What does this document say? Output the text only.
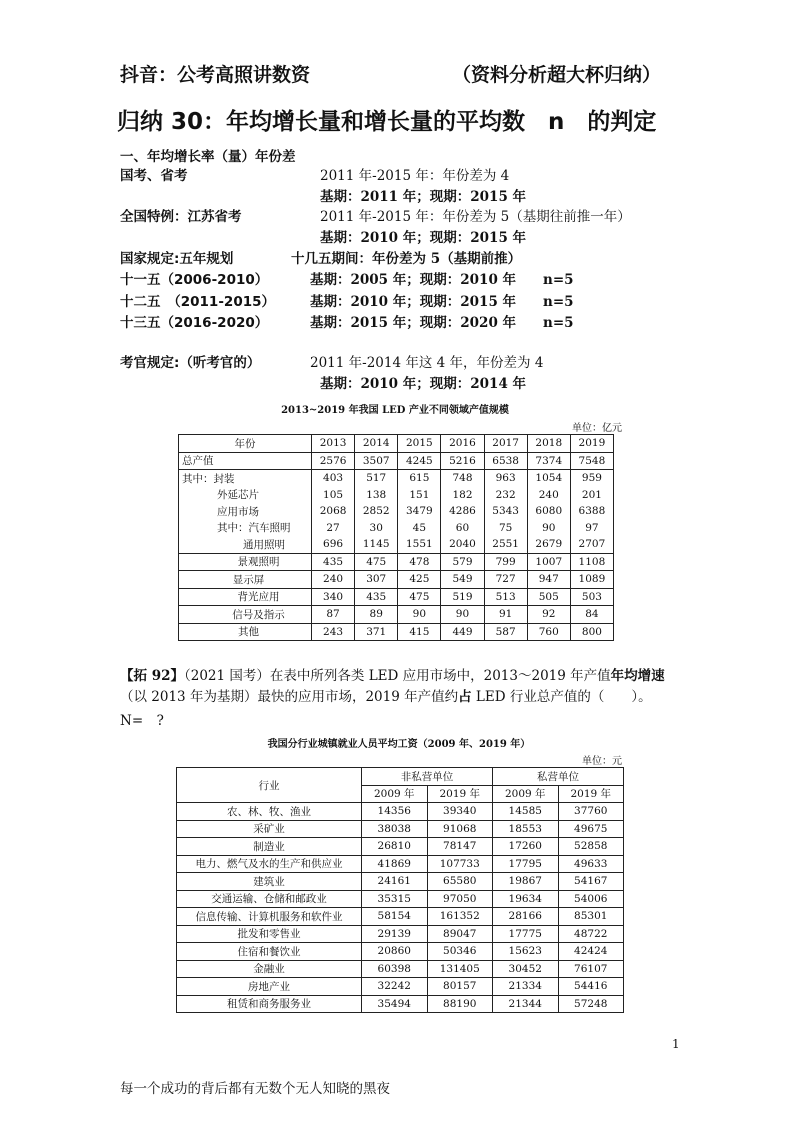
抖音：公考高照讲数资	（资料分析超大杯归纳）
归纳 30：年均增长量和增长量的平均数　n　的判定
一、年均增长率（量）年份差
国考、省考	2011 年-2015 年：年份差为 4
基期：2011 年；现期：2015 年
全国特例：江苏省考	2011 年-2015 年：年份差为 5（基期往前推一年）
基期：2010 年；现期：2015 年
国家规定:五年规划	十几五期间：年份差为 5（基期前推）
十一五（2006-2010）	基期：2005 年；现期：2010 年　　n=5
十二五　（2011-2015）	基期：2010 年；现期：2015 年　　n=5
十三五（2016-2020）	基期：2015 年；现期：2020 年　　n=5
考官规定:（听考官的）	2011 年-2014 年这 4 年，年份差为 4
基期：2010 年；现期：2014 年
2013~2019 年我国 LED 产业不同领域产值规模
单位：亿元
年份	2013	2014	2015	2016	2017	2018	2019
总产值	2576	3507	4245	5216	6538	7374	7548
其中：封装	403	517	615	748	963	1054	959
外延芯片	105	138	151	182	232	240	201
应用市场	2068	2852	3479	4286	5343	6080	6388
其中：汽车照明	27	30	45	60	75	90	97
通用照明	696	1145	1551	2040	2551	2679	2707
景观照明	435	475	478	579	799	1007	1108
显示屏	240	307	425	549	727	947	1089
背光应用	340	435	475	519	513	505	503
信号及指示	87	89	90	90	91	92	84
其他	243	371	415	449	587	760	800
【拓 92】（2021 国考）在表中所列各类 LED 应用市场中，2013～2019 年产值年均增速（以 2013 年为基期）最快的应用市场，2019 年产值约占 LED 行业总产值的（　　）。
N=　?
我国分行业城镇就业人员平均工资（2009 年、2019 年）
单位：元
行业	非私营单位		私营单位	
	2009 年	2019 年	2009 年	2019 年
农、林、牧、渔业	14356	39340	14585	37760
采矿业	38038	91068	18553	49675
制造业	26810	78147	17260	52858
电力、燃气及水的生产和供应业	41869	107733	17795	49633
建筑业	24161	65580	19867	54167
交通运输、仓储和邮政业	35315	97050	19634	54006
信息传输、计算机服务和软件业	58154	161352	28166	85301
批发和零售业	29139	89047	17775	48722
住宿和餐饮业	20860	50346	15623	42424
金融业	60398	131405	30452	76107
房地产业	32242	80157	21334	54416
租赁和商务服务业	35494	88190	21344	57248
1
每一个成功的背后都有无数个无人知晓的黑夜
